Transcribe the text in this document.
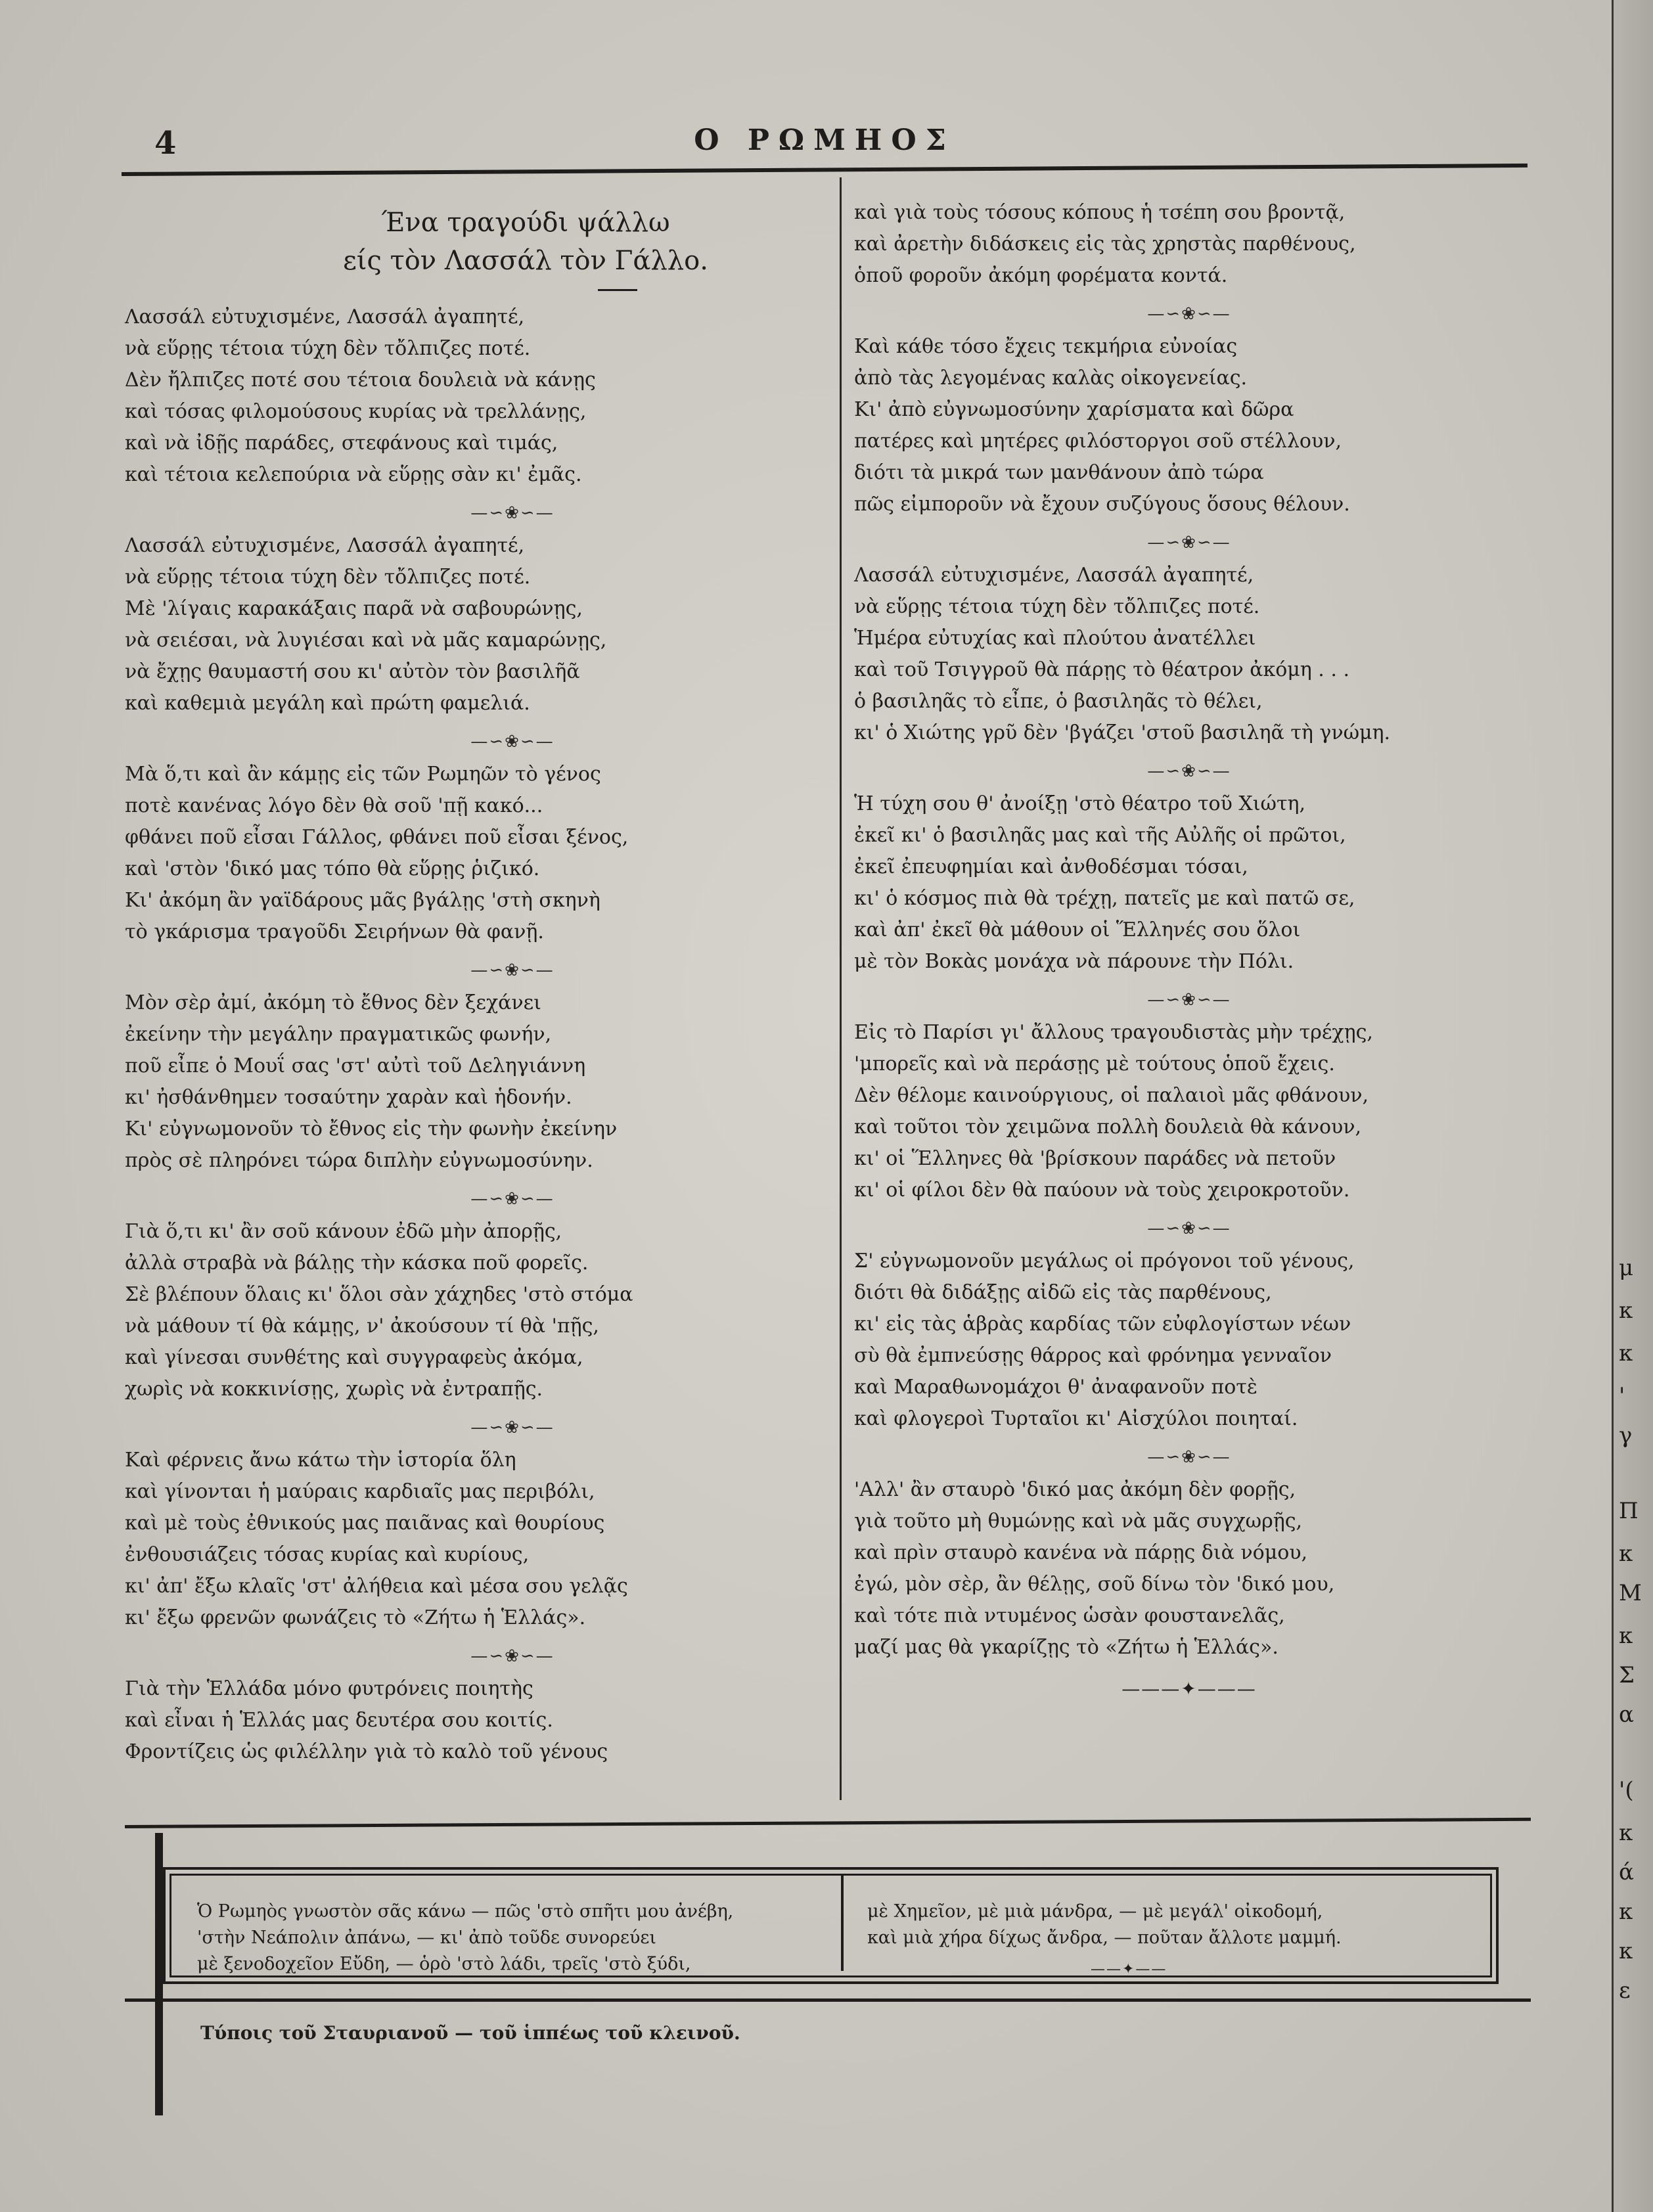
μ
κ
κ
'
γ
Π
κ
Μ
κ
Σ
α
'(
κ
ά
κ
κ
ε
4	Ο ΡΩΜΗΟΣ
Ένα τραγούδι ψάλλω
είς τὸν Λασσάλ τὸν Γάλλο.
Λασσάλ εὐτυχισμένε, Λασσάλ ἀγαπητέ,
νὰ εὕρῃς τέτοια τύχη δὲν τὄλπιζες ποτέ.
Δὲν ἤλπιζες ποτέ σου τέτοια δουλειὰ νὰ κάνῃς
καὶ τόσας φιλομούσους κυρίας νὰ τρελλάνῃς,
καὶ νὰ ἰδῇς παράδες, στεφάνους καὶ τιμάς,
καὶ τέτοια κελεπούρια νὰ εὕρῃς σὰν κι' ἐμᾶς.
—∽❀∽—
Λασσάλ εὐτυχισμένε, Λασσάλ ἀγαπητέ,
νὰ εὕρῃς τέτοια τύχη δὲν τὄλπιζες ποτέ.
Μὲ 'λίγαις καρακάξαις παρᾶ νὰ σαβουρώνῃς,
νὰ σειέσαι, νὰ λυγιέσαι καὶ νὰ μᾶς καμαρώνῃς,
νὰ ἔχῃς θαυμαστή σου κι' αὐτὸν τὸν βασιλῆᾶ
καὶ καθεμιὰ μεγάλη καὶ πρώτη φαμελιά.
—∽❀∽—
Μὰ ὅ,τι καὶ ἂν κάμῃς εἰς τῶν Ρωμηῶν τὸ γένος
ποτὲ κανένας λόγο δὲν θὰ σοῦ 'πῇ κακό...
φθάνει ποῦ εἶσαι Γάλλος, φθάνει ποῦ εἶσαι ξένος,
καὶ 'στὸν 'δικό μας τόπο θὰ εὕρῃς ῥιζικό.
Κι' ἀκόμη ἂν γαϊδάρους μᾶς βγάλῃς 'στὴ σκηνὴ
τὸ γκάρισμα τραγοῦδι Σειρήνων θὰ φανῇ.
—∽❀∽—
Μὸν σὲρ ἀμί, ἀκόμη τὸ ἔθνος δὲν ξεχάνει
ἐκείνην τὴν μεγάλην πραγματικῶς φωνήν,
ποῦ εἶπε ὁ Μουΐ σας 'στ' αὐτὶ τοῦ Δεληγιάννη
κι' ἠσθάνθημεν τοσαύτην χαρὰν καὶ ἡδονήν.
Κι' εὐγνωμονοῦν τὸ ἔθνος εἰς τὴν φωνὴν ἐκείνην
πρὸς σὲ πληρόνει τώρα διπλὴν εὐγνωμοσύνην.
—∽❀∽—
Γιὰ ὅ,τι κι' ἂν σοῦ κάνουν ἐδῶ μὴν ἀπορῇς,
ἀλλὰ στραβὰ νὰ βάλῃς τὴν κάσκα ποῦ φορεῖς.
Σὲ βλέπουν ὅλαις κι' ὅλοι σὰν χάχηδες 'στὸ στόμα
νὰ μάθουν τί θὰ κάμῃς, ν' ἀκούσουν τί θὰ 'πῇς,
καὶ γίνεσαι συνθέτης καὶ συγγραφεὺς ἀκόμα,
χωρὶς νὰ κοκκινίσῃς, χωρὶς νὰ ἐντραπῇς.
—∽❀∽—
Καὶ φέρνεις ἄνω κάτω τὴν ἱστορία ὅλη
καὶ γίνονται ἡ μαύραις καρδιαῖς μας περιβόλι,
καὶ μὲ τοὺς ἐθνικούς μας παιᾶνας καὶ θουρίους
ἐνθουσιάζεις τόσας κυρίας καὶ κυρίους,
κι' ἀπ' ἔξω κλαῖς 'στ' ἀλήθεια καὶ μέσα σου γελᾷς
κι' ἔξω φρενῶν φωνάζεις τὸ «Ζήτω ἡ Ἑλλάς».
—∽❀∽—
Γιὰ τὴν Ἑλλάδα μόνο φυτρόνεις ποιητὴς
καὶ εἶναι ἡ Ἑλλάς μας δευτέρα σου κοιτίς.
Φροντίζεις ὡς φιλέλλην γιὰ τὸ καλὸ τοῦ γένους
καὶ γιὰ τοὺς τόσους κόπους ἡ τσέπη σου βροντᾷ,
καὶ ἀρετὴν διδάσκεις εἰς τὰς χρηστὰς παρθένους,
ὁποῦ φοροῦν ἀκόμη φορέματα κοντά.
—∽❀∽—
Καὶ κάθε τόσο ἔχεις τεκμήρια εὐνοίας
ἀπὸ τὰς λεγομένας καλὰς οἰκογενείας.
Κι' ἀπὸ εὐγνωμοσύνην χαρίσματα καὶ δῶρα
πατέρες καὶ μητέρες φιλόστοργοι σοῦ στέλλουν,
διότι τὰ μικρά των μανθάνουν ἀπὸ τώρα
πῶς εἰμποροῦν νὰ ἔχουν συζύγους ὅσους θέλουν.
—∽❀∽—
Λασσάλ εὐτυχισμένε, Λασσάλ ἀγαπητέ,
νὰ εὕρῃς τέτοια τύχη δὲν τὄλπιζες ποτέ.
Ἡμέρα εὐτυχίας καὶ πλούτου ἀνατέλλει
καὶ τοῦ Τσιγγροῦ θὰ πάρῃς τὸ θέατρον ἀκόμη . . .
ὁ βασιληᾶς τὸ εἶπε, ὁ βασιληᾶς τὸ θέλει,
κι' ὁ Χιώτης γρῦ δὲν 'βγάζει 'στοῦ βασιληᾶ τὴ γνώμη.
—∽❀∽—
Ἡ τύχη σου θ' ἀνοίξῃ 'στὸ θέατρο τοῦ Χιώτη,
ἐκεῖ κι' ὁ βασιληᾶς μας καὶ τῆς Αὐλῆς οἱ πρῶτοι,
ἐκεῖ ἐπευφημίαι καὶ ἀνθοδέσμαι τόσαι,
κι' ὁ κόσμος πιὰ θὰ τρέχῃ, πατεῖς με καὶ πατῶ σε,
καὶ ἀπ' ἐκεῖ θὰ μάθουν οἱ Ἕλληνές σου ὅλοι
μὲ τὸν Βοκὰς μονάχα νὰ πάρουνε τὴν Πόλι.
—∽❀∽—
Εἰς τὸ Παρίσι γι' ἄλλους τραγουδιστὰς μὴν τρέχῃς,
'μπορεῖς καὶ νὰ περάσῃς μὲ τούτους ὁποῦ ἔχεις.
Δὲν θέλομε καινούργιους, οἱ παλαιοὶ μᾶς φθάνουν,
καὶ τοῦτοι τὸν χειμῶνα πολλὴ δουλειὰ θὰ κάνουν,
κι' οἱ Ἕλληνες θὰ 'βρίσκουν παράδες νὰ πετοῦν
κι' οἱ φίλοι δὲν θὰ παύουν νὰ τοὺς χειροκροτοῦν.
—∽❀∽—
Σ' εὐγνωμονοῦν μεγάλως οἱ πρόγονοι τοῦ γένους,
διότι θὰ διδάξῃς αἰδῶ εἰς τὰς παρθένους,
κι' εἰς τὰς ἁβρὰς καρδίας τῶν εὐφλογίστων νέων
σὺ θὰ ἐμπνεύσῃς θάρρος καὶ φρόνημα γενναῖον
καὶ Μαραθωνομάχοι θ' ἀναφανοῦν ποτὲ
καὶ φλογεροὶ Τυρταῖοι κι' Αἰσχύλοι ποιηταί.
—∽❀∽—
'Αλλ' ἂν σταυρὸ 'δικό μας ἀκόμη δὲν φορῇς,
γιὰ τοῦτο μὴ θυμώνῃς καὶ νὰ μᾶς συγχωρῇς,
καὶ πρὶν σταυρὸ κανένα νὰ πάρῃς διὰ νόμου,
ἐγώ, μὸν σὲρ, ἂν θέλῃς, σοῦ δίνω τὸν 'δικό μου,
καὶ τότε πιὰ ντυμένος ὡσὰν φουστανελᾶς,
μαζί μας θὰ γκαρίζῃς τὸ «Ζήτω ἡ Ἑλλάς».
———✦———
Ὁ Ρωμηὸς γνωστὸν σᾶς κάνω — πῶς 'στὸ σπῆτι μου ἀνέβη,
'στὴν Νεάπολιν ἀπάνω, — κι' ἀπὸ τοῦδε συνορεύει
μὲ ξενοδοχεῖον Εὔδη, — ὁρὸ 'στὸ λάδι, τρεῖς 'στὸ ξύδι,
μὲ Χημεῖον, μὲ μιὰ μάνδρα, — μὲ μεγάλ' οἰκοδομή,
καὶ μιὰ χήρα δίχως ἄνδρα, — ποῦταν ἄλλοτε μαμμή.
——✦——
Τύποις τοῦ Σταυριανοῦ — τοῦ ἱππέως τοῦ κλεινοῦ.
